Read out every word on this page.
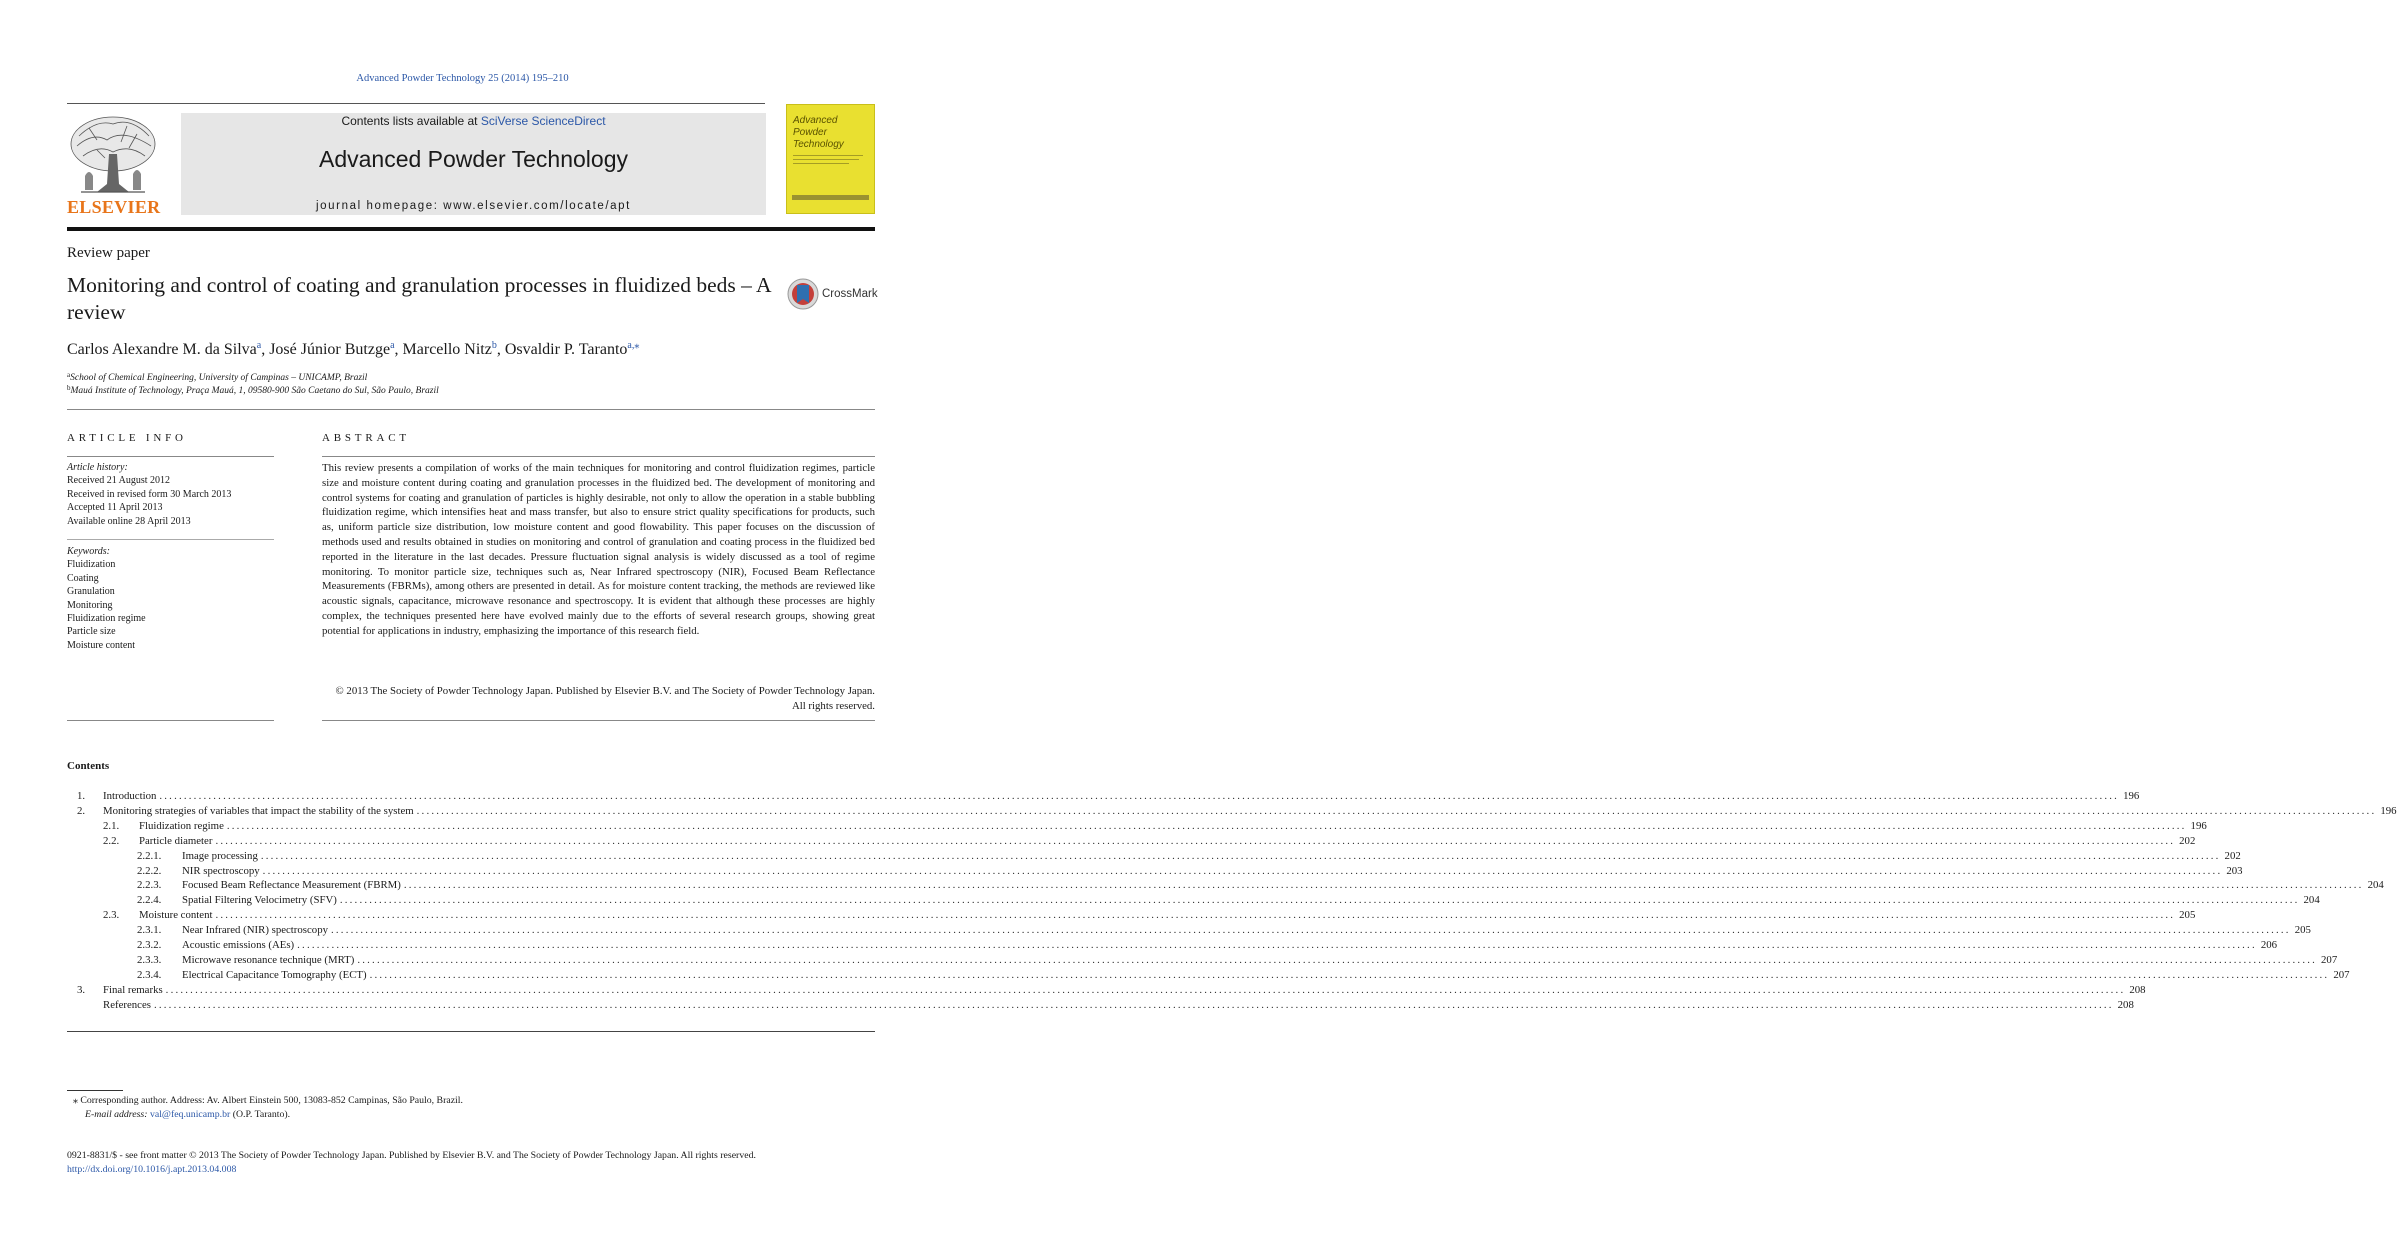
Advanced Powder Technology 25 (2014) 195–210
ELSEVIER
Contents lists available at SciVerse ScienceDirect
Advanced Powder Technology
journal homepage: www.elsevier.com/locate/apt
Advanced
Powder
Technology
Review paper
Monitoring and control of coating and granulation processes in fluidized beds – A review
CrossMark
Carlos Alexandre M. da Silva$^a$, José Júnior Butzge$^a$, Marcello Nitz$^b$, Osvaldir P. Taranto$^{a,⁎}$
$^a$School of Chemical Engineering, University of Campinas – UNICAMP, Brazil
$^b$Mauá Institute of Technology, Praça Mauá, 1, 09580-900 São Caetano do Sul, São Paulo, Brazil
ARTICLE INFO
Article history:
Received 21 August 2012
Received in revised form 30 March 2013
Accepted 11 April 2013
Available online 28 April 2013
Keywords:
Fluidization
Coating
Granulation
Monitoring
Fluidization regime
Particle size
Moisture content
ABSTRACT
This review presents a compilation of works of the main techniques for monitoring and control fluidization regimes, particle size and moisture content during coating and granulation processes in the fluidized bed. The development of monitoring and control systems for coating and granulation of particles is highly desirable, not only to allow the operation in a stable bubbling fluidization regime, which intensifies heat and mass transfer, but also to ensure strict quality specifications for products, such as, uniform particle size distribution, low moisture content and good flowability. This paper focuses on the discussion of methods used and results obtained in studies on monitoring and control of granulation and coating process in the fluidized bed reported in the literature in the last decades. Pressure fluctuation signal analysis is widely discussed as a tool of regime monitoring. To monitor particle size, techniques such as, Near Infrared spectroscopy (NIR), Focused Beam Reflectance Measurements (FBRMs), among others are presented in detail. As for moisture content tracking, the methods are reviewed like acoustic signals, capacitance, microwave resonance and spectroscopy. It is evident that although these processes are highly complex, the techniques presented here have evolved mainly due to the efforts of several research groups, showing great potential for applications in industry, emphasizing the importance of this research field.
© 2013 The Society of Powder Technology Japan. Published by Elsevier B.V. and The Society of Powder Technology Japan. All rights reserved.
Contents
1. Introduction ................................................................................................................................................................................................................................................................................................................................................................................................................ 196
2. Monitoring strategies of variables that impact the stability of the system ................................................................................................................................................................................................................................................................................................................................................................................................................ 196
2.1. Fluidization regime ................................................................................................................................................................................................................................................................................................................................................................................................................ 196
2.2. Particle diameter ................................................................................................................................................................................................................................................................................................................................................................................................................ 202
2.2.1. Image processing ................................................................................................................................................................................................................................................................................................................................................................................................................ 202
2.2.2. NIR spectroscopy ................................................................................................................................................................................................................................................................................................................................................................................................................ 203
2.2.3. Focused Beam Reflectance Measurement (FBRM) ................................................................................................................................................................................................................................................................................................................................................................................................................ 204
2.2.4. Spatial Filtering Velocimetry (SFV) ................................................................................................................................................................................................................................................................................................................................................................................................................ 204
2.3. Moisture content ................................................................................................................................................................................................................................................................................................................................................................................................................ 205
2.3.1. Near Infrared (NIR) spectroscopy ................................................................................................................................................................................................................................................................................................................................................................................................................ 205
2.3.2. Acoustic emissions (AEs) ................................................................................................................................................................................................................................................................................................................................................................................................................ 206
2.3.3. Microwave resonance technique (MRT) ................................................................................................................................................................................................................................................................................................................................................................................................................ 207
2.3.4. Electrical Capacitance Tomography (ECT) ................................................................................................................................................................................................................................................................................................................................................................................................................ 207
3. Final remarks ................................................................................................................................................................................................................................................................................................................................................................................................................ 208
References ................................................................................................................................................................................................................................................................................................................................................................................................................ 208
⁎ Corresponding author. Address: Av. Albert Einstein 500, 13083-852 Campinas, São Paulo, Brazil.
E-mail address: val@feq.unicamp.br (O.P. Taranto).
0921-8831/$ - see front matter © 2013 The Society of Powder Technology Japan. Published by Elsevier B.V. and The Society of Powder Technology Japan. All rights reserved.
http://dx.doi.org/10.1016/j.apt.2013.04.008
